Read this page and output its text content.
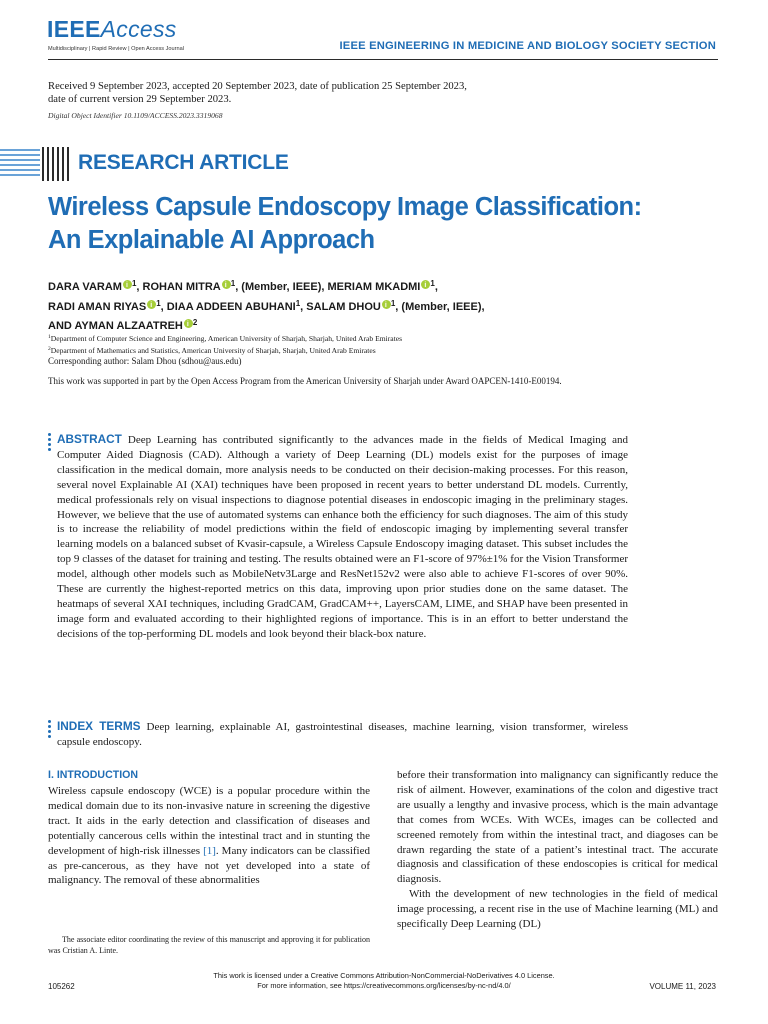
IEEEAccess
Multidisciplinary | Rapid Review | Open Access Journal	IEEE ENGINEERING IN MEDICINE AND BIOLOGY SOCIETY SECTION
Received 9 September 2023, accepted 20 September 2023, date of publication 25 September 2023,
date of current version 29 September 2023.
Digital Object Identifier 10.1109/ACCESS.2023.3319068
RESEARCH ARTICLE
Wireless Capsule Endoscopy Image Classification:
An Explainable AI Approach
DARA VARAM i $^1$, ROHAN MITRA i $^1$, (Member, IEEE), MERIAM MKADMI i $^1$,
RADI AMAN RIYAS i $^1$, DIAA ADDEEN ABUHANI$^1$, SALAM DHOU i $^1$, (Member, IEEE),
AND AYMAN ALZAATREH i $^2$
$^1$Department of Computer Science and Engineering, American University of Sharjah, Sharjah, United Arab Emirates
$^2$Department of Mathematics and Statistics, American University of Sharjah, Sharjah, United Arab Emirates
Corresponding author: Salam Dhou (sdhou@aus.edu)
This work was supported in part by the Open Access Program from the American University of Sharjah under Award OAPCEN-1410-E00194.
ABSTRACT Deep Learning has contributed significantly to the advances made in the fields of Medical Imaging and Computer Aided Diagnosis (CAD). Although a variety of Deep Learning (DL) models exist for the purposes of image classification in the medical domain, more analysis needs to be conducted on their decision-making processes. For this reason, several novel Explainable AI (XAI) techniques have been proposed in recent years to better understand DL models. Currently, medical professionals rely on visual inspections to diagnose potential diseases in endoscopic imaging in the preliminary stages. However, we believe that the use of automated systems can enhance both the efficiency for such diagnoses. The aim of this study is to increase the reliability of model predictions within the field of endoscopic imaging by implementing several transfer learning models on a balanced subset of Kvasir-capsule, a Wireless Capsule Endoscopy imaging dataset. This subset includes the top 9 classes of the dataset for training and testing. The results obtained were an F1-score of 97%±1% for the Vision Transformer model, although other models such as MobileNetv3Large and ResNet152v2 were also able to achieve F1-scores of over 90%. These are currently the highest-reported metrics on this data, improving upon prior studies done on the same dataset. The heatmaps of several XAI techniques, including GradCAM, GradCAM++, LayersCAM, LIME, and SHAP have been presented in image form and evaluated according to their highlighted regions of importance. This is in an effort to better understand the decisions of the top-performing DL models and look beyond their black-box nature.
INDEX TERMS Deep learning, explainable AI, gastrointestinal diseases, machine learning, vision transformer, wireless capsule endoscopy.
I. INTRODUCTION
Wireless capsule endoscopy (WCE) is a popular procedure within the medical domain due to its non-invasive nature in screening the digestive tract. It aids in the early detection and classification of diseases and potentially cancerous cells within the intestinal tract and in stunting the development of high-risk illnesses [1]. Many indicators can be classified as pre-cancerous, as they have not yet developed into a state of malignancy. The removal of these abnormalities

before their transformation into malignancy can significantly reduce the risk of ailment. However, examinations of the colon and digestive tract are usually a lengthy and invasive process, which is the main advantage that comes from WCEs. With WCEs, images can be collected and screened remotely from within the intestinal tract, and diagoses can be drawn regarding the state of a patient’s intestinal tract. The accurate diagnosis and classification of these endoscopies is critical for medical diagnosis.

With the development of new technologies in the field of medical image processing, a recent rise in the use of Machine learning (ML) and specifically Deep Learning (DL)

The associate editor coordinating the review of this manuscript and approving it for publication was Cristian A. Linte.
This work is licensed under a Creative Commons Attribution-NonCommercial-NoDerivatives 4.0 License.
For more information, see https://creativecommons.org/licenses/by-nc-nd/4.0/
105262	VOLUME 11, 2023
